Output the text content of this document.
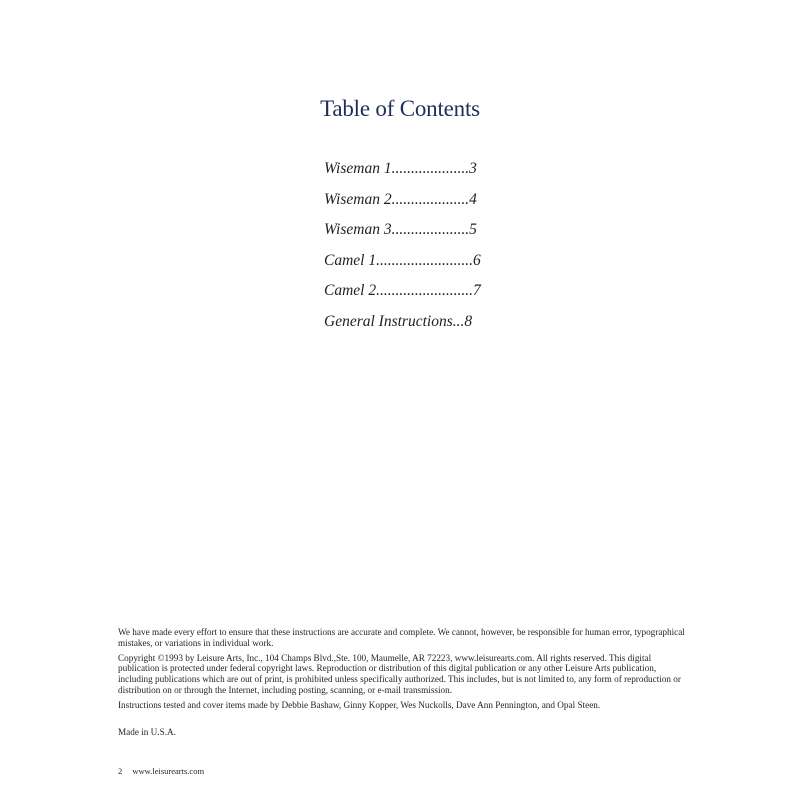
Table of Contents
Wiseman 1....................3
Wiseman 2....................4
Wiseman 3....................5
Camel 1.........................6
Camel 2.........................7
General Instructions...8

We have made every effort to ensure that these instructions are accurate and complete. We cannot, however, be responsible for human error, typographical mistakes, or variations in individual work.

Copyright ©1993 by Leisure Arts, Inc., 104 Champs Blvd.,Ste. 100, Maumelle, AR 72223, www.leisurearts.com. All rights reserved. This digital publication is protected under federal copyright laws. Reproduction or distribution of this digital publication or any other Leisure Arts publication, including publications which are out of print, is prohibited unless specifically authorized. This includes, but is not limited to, any form of reproduction or distribution on or through the Internet, including posting, scanning, or e-mail transmission.

Instructions tested and cover items made by Debbie Bashaw, Ginny Kopper, Wes Nuckolls, Dave Ann Pennington, and Opal Steen.

Made in U.S.A.

2 www.leisurearts.com
